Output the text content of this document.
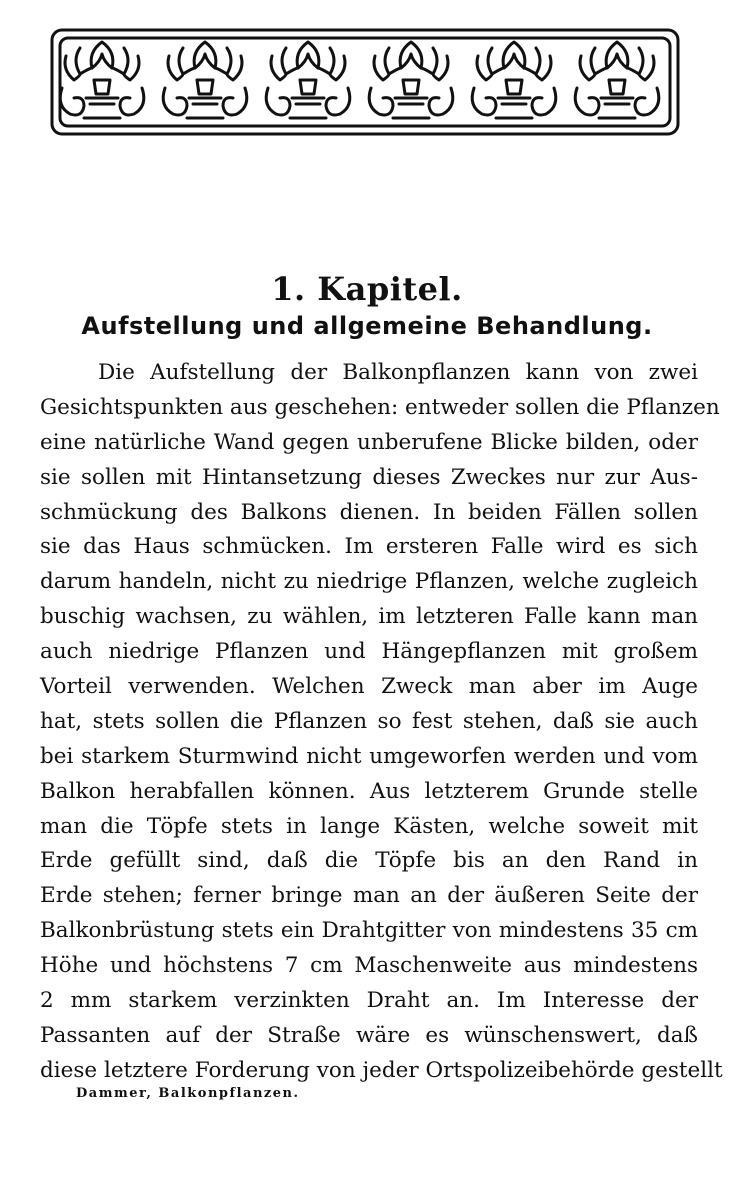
1. Kapitel.
Aufstellung und allgemeine Behandlung.
Die Aufstellung der Balkonpflanzen kann von zwei
Gesichtspunkten aus geschehen: entweder sollen die Pflanzen
eine natürliche Wand gegen unberufene Blicke bilden, oder
sie sollen mit Hintansetzung dieses Zweckes nur zur Aus-
schmückung des Balkons dienen. In beiden Fällen sollen
sie das Haus schmücken. Im ersteren Falle wird es sich
darum handeln, nicht zu niedrige Pflanzen, welche zugleich
buschig wachsen, zu wählen, im letzteren Falle kann man
auch niedrige Pflanzen und Hängepflanzen mit großem
Vorteil verwenden. Welchen Zweck man aber im Auge
hat, stets sollen die Pflanzen so fest stehen, daß sie auch
bei starkem Sturmwind nicht umgeworfen werden und vom
Balkon herabfallen können. Aus letzterem Grunde stelle
man die Töpfe stets in lange Kästen, welche soweit mit
Erde gefüllt sind, daß die Töpfe bis an den Rand in
Erde stehen; ferner bringe man an der äußeren Seite der
Balkonbrüstung stets ein Drahtgitter von mindestens 35 cm
Höhe und höchstens 7 cm Maschenweite aus mindestens
2 mm starkem verzinkten Draht an. Im Interesse der
Passanten auf der Straße wäre es wünschenswert, daß
diese letztere Forderung von jeder Ortspolizeibehörde gestellt
Dammer, Balkonpflanzen.
